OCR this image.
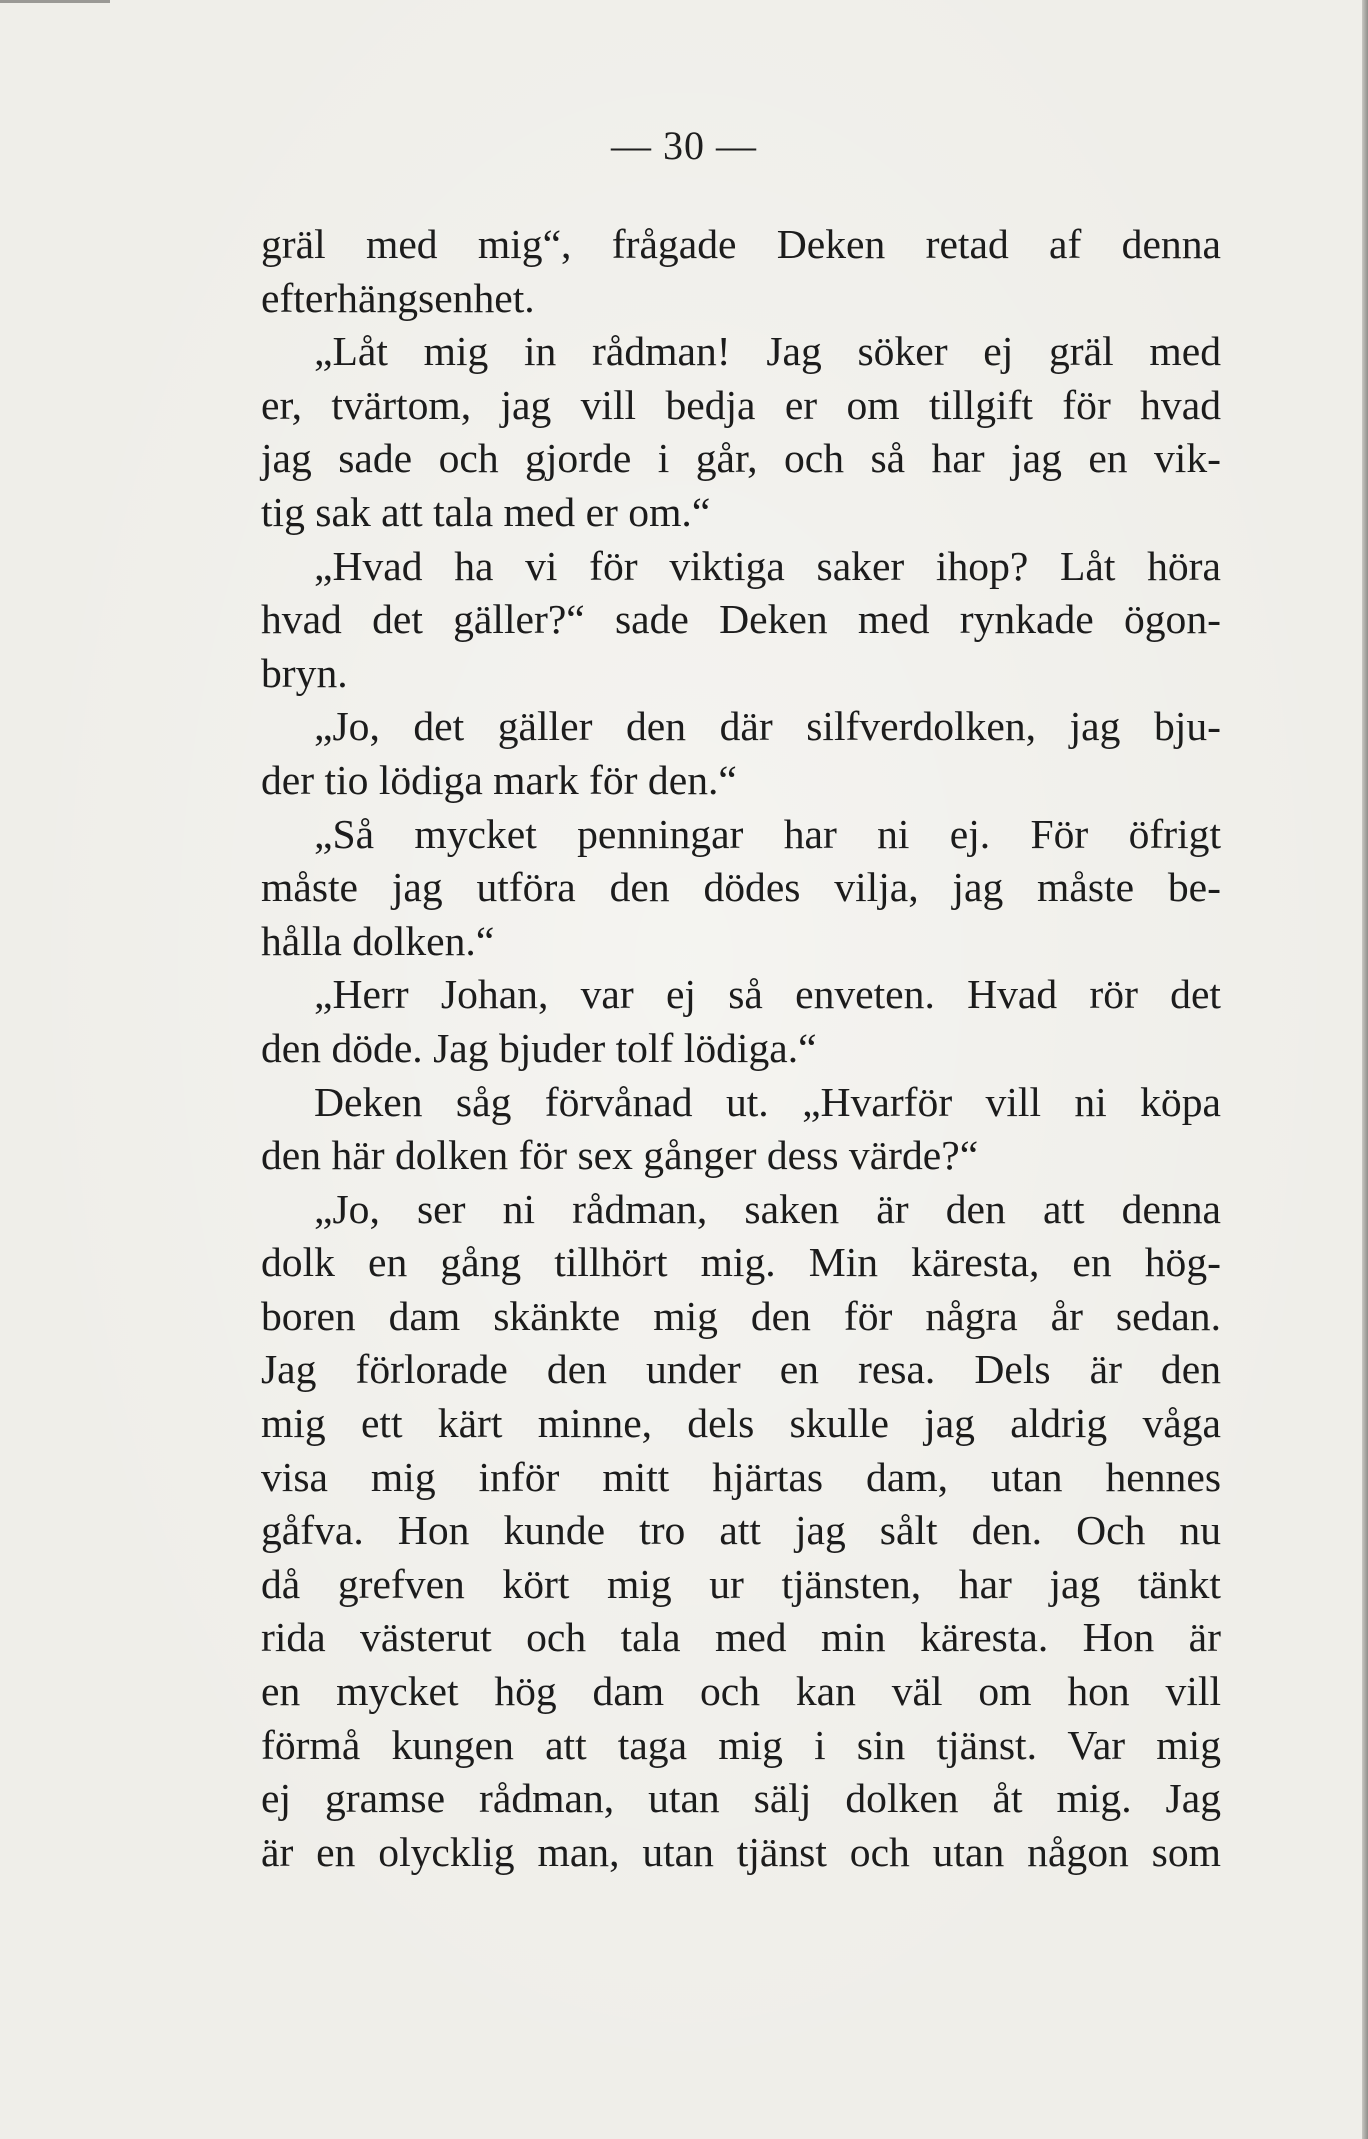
— 30 —
gräl med mig“, frågade Deken retad af denna
efterhängsenhet.
„Låt mig in rådman! Jag söker ej gräl med
er, tvärtom, jag vill bedja er om tillgift för hvad
jag sade och gjorde i går, och så har jag en vik-
tig sak att tala med er om.“
„Hvad ha vi för viktiga saker ihop? Låt höra
hvad det gäller?“ sade Deken med rynkade ögon-
bryn.
„Jo, det gäller den där silfverdolken, jag bju-
der tio lödiga mark för den.“
„Så mycket penningar har ni ej. För öfrigt
måste jag utföra den dödes vilja, jag måste be-
hålla dolken.“
„Herr Johan, var ej så enveten. Hvad rör det
den döde. Jag bjuder tolf lödiga.“
Deken såg förvånad ut. „Hvarför vill ni köpa
den här dolken för sex gånger dess värde?“
„Jo, ser ni rådman, saken är den att denna
dolk en gång tillhört mig. Min käresta, en hög-
boren dam skänkte mig den för några år sedan.
Jag förlorade den under en resa. Dels är den
mig ett kärt minne, dels skulle jag aldrig våga
visa mig inför mitt hjärtas dam, utan hennes
gåfva. Hon kunde tro att jag sålt den. Och nu
då grefven kört mig ur tjänsten, har jag tänkt
rida västerut och tala med min käresta. Hon är
en mycket hög dam och kan väl om hon vill
förmå kungen att taga mig i sin tjänst. Var mig
ej gramse rådman, utan sälj dolken åt mig. Jag
är en olycklig man, utan tjänst och utan någon som
